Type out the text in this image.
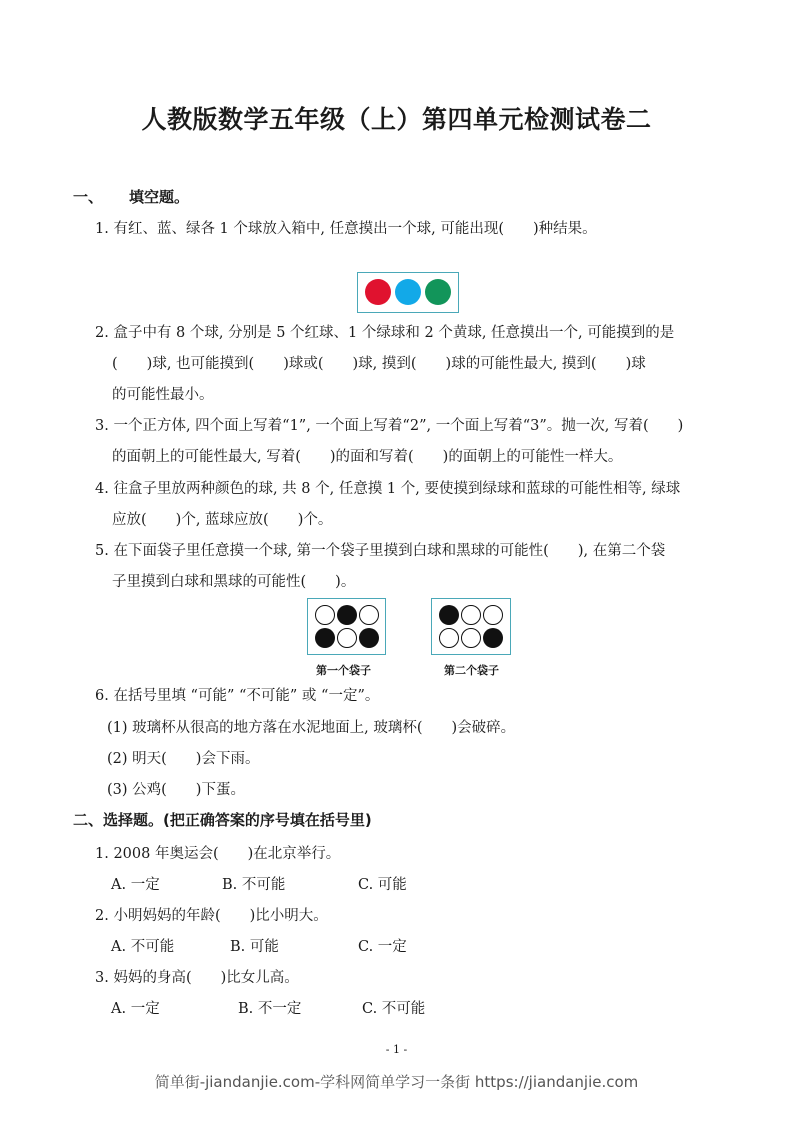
人教版数学五年级（上）第四单元检测试卷二
一、 填空题。
1. 有红、蓝、绿各 1 个球放入箱中, 任意摸出一个球, 可能出现(　　)种结果。
2. 盒子中有 8 个球, 分别是 5 个红球、1 个绿球和 2 个黄球, 任意摸出一个, 可能摸到的是
(　　)球, 也可能摸到(　　)球或(　　)球, 摸到(　　)球的可能性最大, 摸到(　　)球
的可能性最小。
3. 一个正方体, 四个面上写着“1”, 一个面上写着“2”, 一个面上写着“3”。抛一次, 写着(　　)
的面朝上的可能性最大, 写着(　　)的面和写着(　　)的面朝上的可能性一样大。
4. 往盒子里放两种颜色的球, 共 8 个, 任意摸 1 个, 要使摸到绿球和蓝球的可能性相等, 绿球
应放(　　)个, 蓝球应放(　　)个。
5. 在下面袋子里任意摸一个球, 第一个袋子里摸到白球和黑球的可能性(　　), 在第二个袋
子里摸到白球和黑球的可能性(　　)。
第一个袋子	第二个袋子
6. 在括号里填 “可能” “不可能” 或 “一定”。
(1) 玻璃杯从很高的地方落在水泥地面上, 玻璃杯(　　)会破碎。
(2) 明天(　　)会下雨。
(3) 公鸡(　　)下蛋。
二、选择题。(把正确答案的序号填在括号里)
1. 2008 年奥运会(　　)在北京举行。
A. 一定	B. 不可能	C. 可能
2. 小明妈妈的年龄(　　)比小明大。
A. 不可能	B. 可能	C. 一定
3. 妈妈的身高(　　)比女儿高。
A. 一定	B. 不一定	C. 不可能
- 1 -
简单街-jiandanjie.com-学科网简单学习一条街 https://jiandanjie.com
